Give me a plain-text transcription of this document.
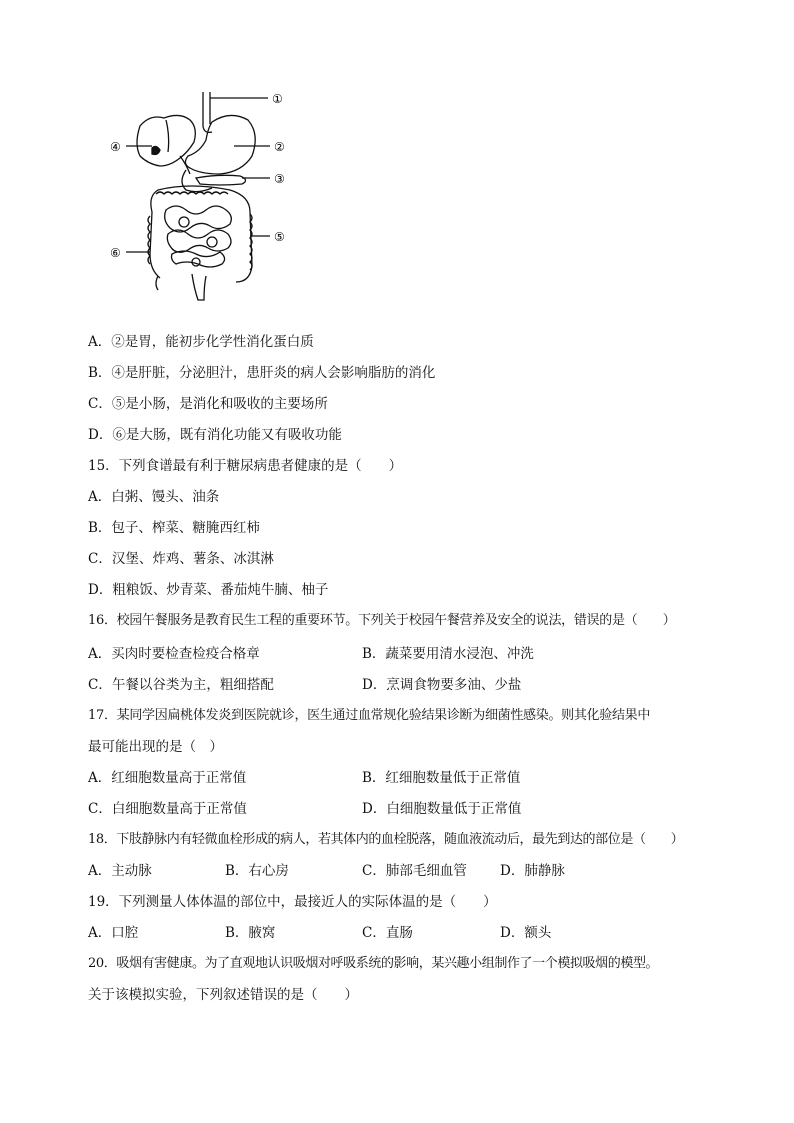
①
②
③
④
⑤
⑥
A．②是胃，能初步化学性消化蛋白质
B．④是肝脏，分泌胆汁，患肝炎的病人会影响脂肪的消化
C．⑤是小肠，是消化和吸收的主要场所
D．⑥是大肠，既有消化功能又有吸收功能
15．下列食谱最有利于糖尿病患者健康的是（　　）
A．白粥、馒头、油条
B．包子、榨菜、糖腌西红柿
C．汉堡、炸鸡、薯条、冰淇淋
D．粗粮饭、炒青菜、番茄炖牛腩、柚子
16．校园午餐服务是教育民生工程的重要环节。下列关于校园午餐营养及安全的说法，错误的是（　　）
A．买肉时要检查检疫合格章	B．蔬菜要用清水浸泡、冲洗
C．午餐以谷类为主，粗细搭配	D．烹调食物要多油、少盐
17．某同学因扁桃体发炎到医院就诊，医生通过血常规化验结果诊断为细菌性感染。则其化验结果中
最可能出现的是（　）
A．红细胞数量高于正常值	B．红细胞数量低于正常值
C．白细胞数量高于正常值	D．白细胞数量低于正常值
18．下肢静脉内有轻微血栓形成的病人，若其体内的血栓脱落，随血液流动后，最先到达的部位是（　　）
A．主动脉	B．右心房	C．肺部毛细血管 D．肺静脉
19．下列测量人体体温的部位中，最接近人的实际体温的是（　　）
A．口腔	B．腋窝	C．直肠	D．额头
20．吸烟有害健康。为了直观地认识吸烟对呼吸系统的影响，某兴趣小组制作了一个模拟吸烟的模型。
关于该模拟实验，下列叙述错误的是（　　）
